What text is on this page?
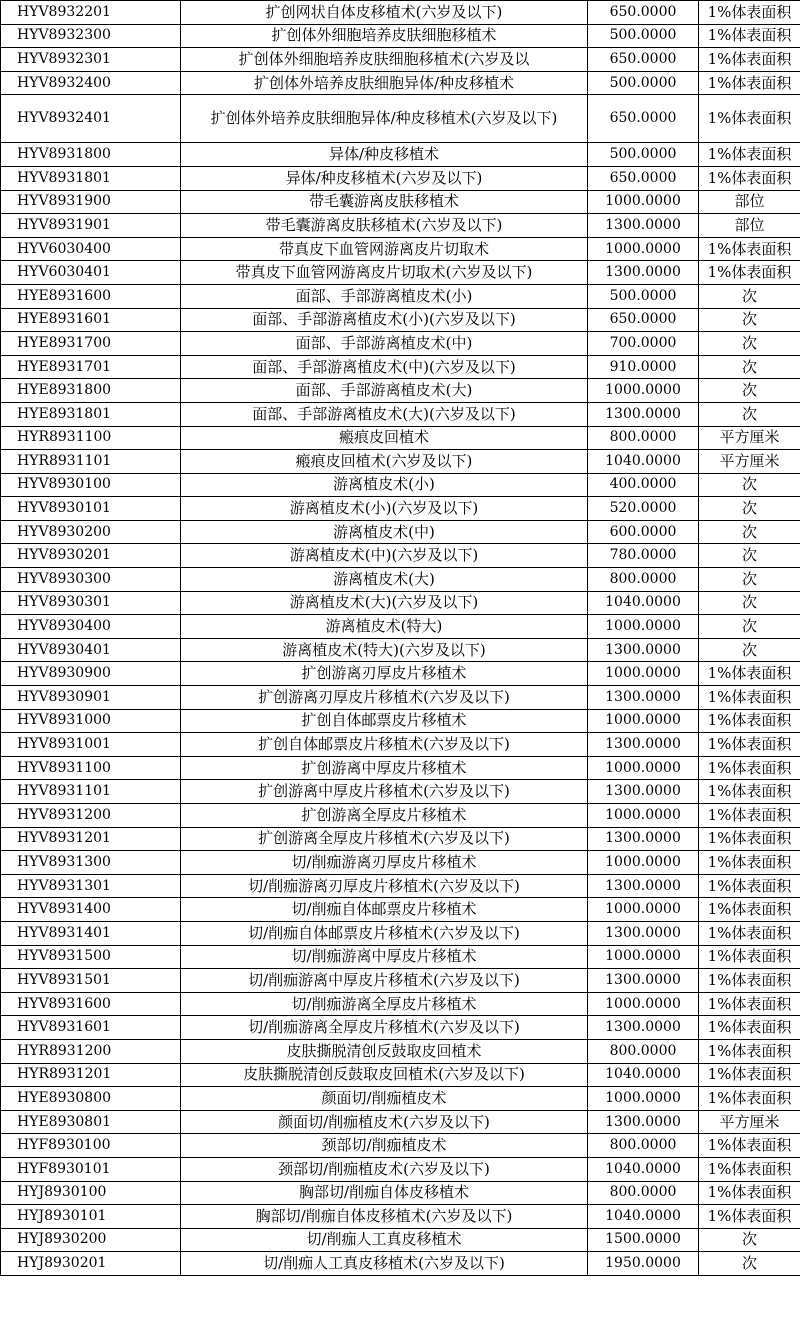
HYV8932201	扩创网状自体皮移植术(六岁及以下)	650.0000	1%体表面积
HYV8932300	扩创体外细胞培养皮肤细胞移植术	500.0000	1%体表面积
HYV8932301	扩创体外细胞培养皮肤细胞移植术(六岁及以	650.0000	1%体表面积
HYV8932400	扩创体外培养皮肤细胞异体/种皮移植术	500.0000	1%体表面积
HYV8932401	扩创体外培养皮肤细胞异体/种皮移植术(六岁及以下)	650.0000	1%体表面积
HYV8931800	异体/种皮移植术	500.0000	1%体表面积
HYV8931801	异体/种皮移植术(六岁及以下)	650.0000	1%体表面积
HYV8931900	带毛囊游离皮肤移植术	1000.0000	部位
HYV8931901	带毛囊游离皮肤移植术(六岁及以下)	1300.0000	部位
HYV6030400	带真皮下血管网游离皮片切取术	1000.0000	1%体表面积
HYV6030401	带真皮下血管网游离皮片切取术(六岁及以下)	1300.0000	1%体表面积
HYE8931600	面部、手部游离植皮术(小)	500.0000	次
HYE8931601	面部、手部游离植皮术(小)(六岁及以下)	650.0000	次
HYE8931700	面部、手部游离植皮术(中)	700.0000	次
HYE8931701	面部、手部游离植皮术(中)(六岁及以下)	910.0000	次
HYE8931800	面部、手部游离植皮术(大)	1000.0000	次
HYE8931801	面部、手部游离植皮术(大)(六岁及以下)	1300.0000	次
HYR8931100	瘢痕皮回植术	800.0000	平方厘米
HYR8931101	瘢痕皮回植术(六岁及以下)	1040.0000	平方厘米
HYV8930100	游离植皮术(小)	400.0000	次
HYV8930101	游离植皮术(小)(六岁及以下)	520.0000	次
HYV8930200	游离植皮术(中)	600.0000	次
HYV8930201	游离植皮术(中)(六岁及以下)	780.0000	次
HYV8930300	游离植皮术(大)	800.0000	次
HYV8930301	游离植皮术(大)(六岁及以下)	1040.0000	次
HYV8930400	游离植皮术(特大)	1000.0000	次
HYV8930401	游离植皮术(特大)(六岁及以下)	1300.0000	次
HYV8930900	扩创游离刃厚皮片移植术	1000.0000	1%体表面积
HYV8930901	扩创游离刃厚皮片移植术(六岁及以下)	1300.0000	1%体表面积
HYV8931000	扩创自体邮票皮片移植术	1000.0000	1%体表面积
HYV8931001	扩创自体邮票皮片移植术(六岁及以下)	1300.0000	1%体表面积
HYV8931100	扩创游离中厚皮片移植术	1000.0000	1%体表面积
HYV8931101	扩创游离中厚皮片移植术(六岁及以下)	1300.0000	1%体表面积
HYV8931200	扩创游离全厚皮片移植术	1000.0000	1%体表面积
HYV8931201	扩创游离全厚皮片移植术(六岁及以下)	1300.0000	1%体表面积
HYV8931300	切/削痂游离刃厚皮片移植术	1000.0000	1%体表面积
HYV8931301	切/削痂游离刃厚皮片移植术(六岁及以下)	1300.0000	1%体表面积
HYV8931400	切/削痂自体邮票皮片移植术	1000.0000	1%体表面积
HYV8931401	切/削痂自体邮票皮片移植术(六岁及以下)	1300.0000	1%体表面积
HYV8931500	切/削痂游离中厚皮片移植术	1000.0000	1%体表面积
HYV8931501	切/削痂游离中厚皮片移植术(六岁及以下)	1300.0000	1%体表面积
HYV8931600	切/削痂游离全厚皮片移植术	1000.0000	1%体表面积
HYV8931601	切/削痂游离全厚皮片移植术(六岁及以下)	1300.0000	1%体表面积
HYR8931200	皮肤撕脱清创反鼓取皮回植术	800.0000	1%体表面积
HYR8931201	皮肤撕脱清创反鼓取皮回植术(六岁及以下)	1040.0000	1%体表面积
HYE8930800	颜面切/削痂植皮术	1000.0000	1%体表面积
HYE8930801	颜面切/削痂植皮术(六岁及以下)	1300.0000	平方厘米
HYF8930100	颈部切/削痂植皮术	800.0000	1%体表面积
HYF8930101	颈部切/削痂植皮术(六岁及以下)	1040.0000	1%体表面积
HYJ8930100	胸部切/削痂自体皮移植术	800.0000	1%体表面积
HYJ8930101	胸部切/削痂自体皮移植术(六岁及以下)	1040.0000	1%体表面积
HYJ8930200	切/削痂人工真皮移植术	1500.0000	次
HYJ8930201	切/削痂人工真皮移植术(六岁及以下)	1950.0000	次
